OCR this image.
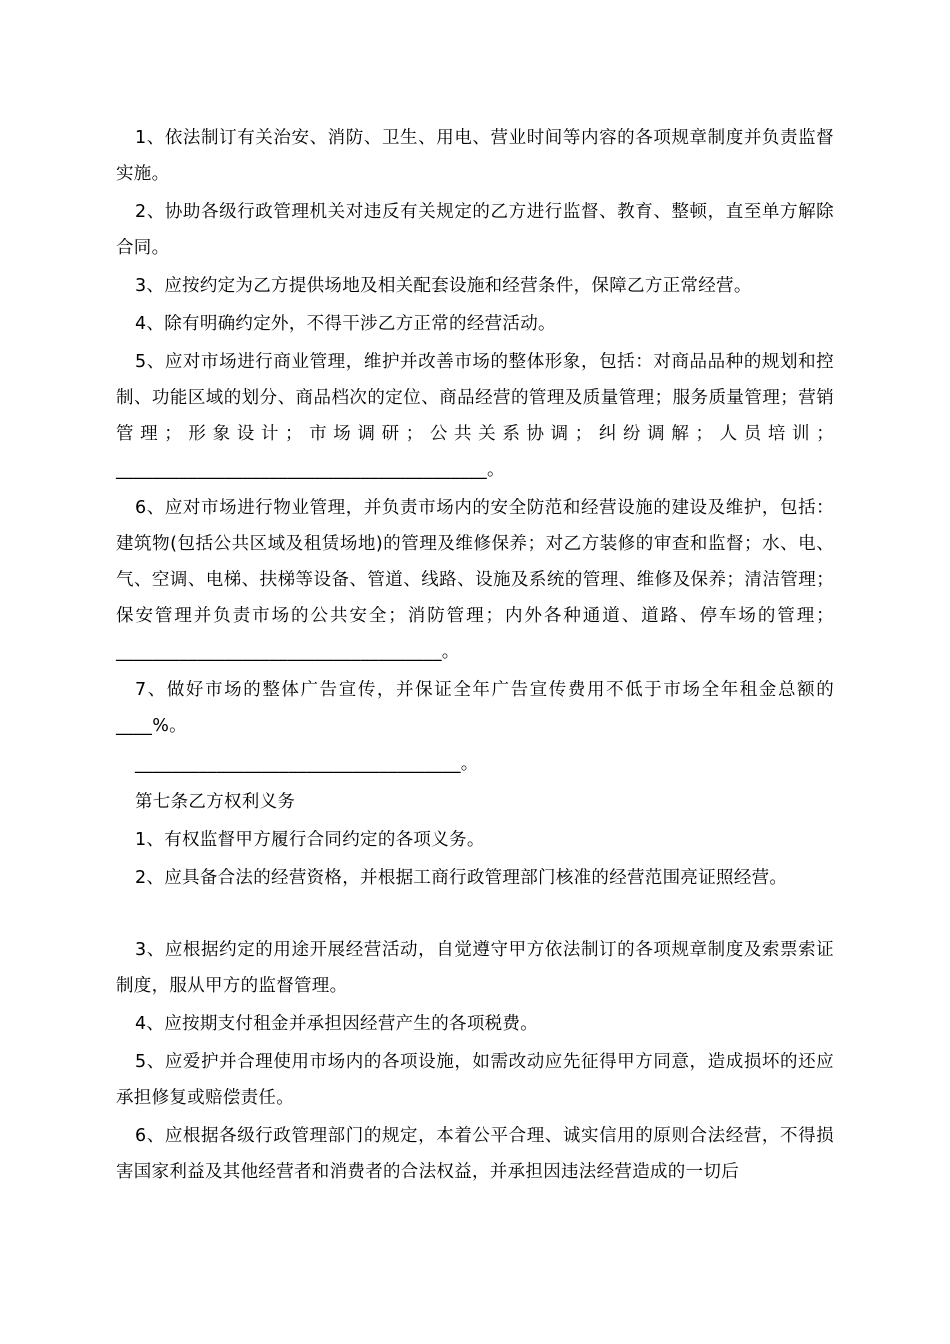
1、依法制订有关治安、消防、卫生、用电、营业时间等内容的各项规章制度并负责监督实施。

2、协助各级行政管理机关对违反有关规定的乙方进行监督、教育、整顿，直至单方解除合同。

3、应按约定为乙方提供场地及相关配套设施和经营条件，保障乙方正常经营。

4、除有明确约定外，不得干涉乙方正常的经营活动。

5、应对市场进行商业管理，维护并改善市场的整体形象，包括：对商品品种的规划和控制、功能区域的划分、商品档次的定位、商品经营的管理及质量管理；服务质量管理；营销管理；形象设计；市场调研；公共关系协调；纠纷调解；人员培训；_________________________________________。

6、应对市场进行物业管理，并负责市场内的安全防范和经营设施的建设及维护，包括：建筑物(包括公共区域及租赁场地)的管理及维修保养；对乙方装修的审查和监督；水、电、气、空调、电梯、扶梯等设备、管道、线路、设施及系统的管理、维修及保养；清洁管理；保安管理并负责市场的公共安全；消防管理；内外各种通道、道路、停车场的管理；____________________________________。

7、做好市场的整体广告宣传，并保证全年广告宣传费用不低于市场全年租金总额的____%。

____________________________________。

第七条乙方权利义务

1、有权监督甲方履行合同约定的各项义务。

2、应具备合法的经营资格，并根据工商行政管理部门核准的经营范围亮证照经营。

3、应根据约定的用途开展经营活动，自觉遵守甲方依法制订的各项规章制度及索票索证制度，服从甲方的监督管理。

4、应按期支付租金并承担因经营产生的各项税费。

5、应爱护并合理使用市场内的各项设施，如需改动应先征得甲方同意，造成损坏的还应承担修复或赔偿责任。

6、应根据各级行政管理部门的规定，本着公平合理、诚实信用的原则合法经营，不得损害国家利益及其他经营者和消费者的合法权益，并承担因违法经营造成的一切后
